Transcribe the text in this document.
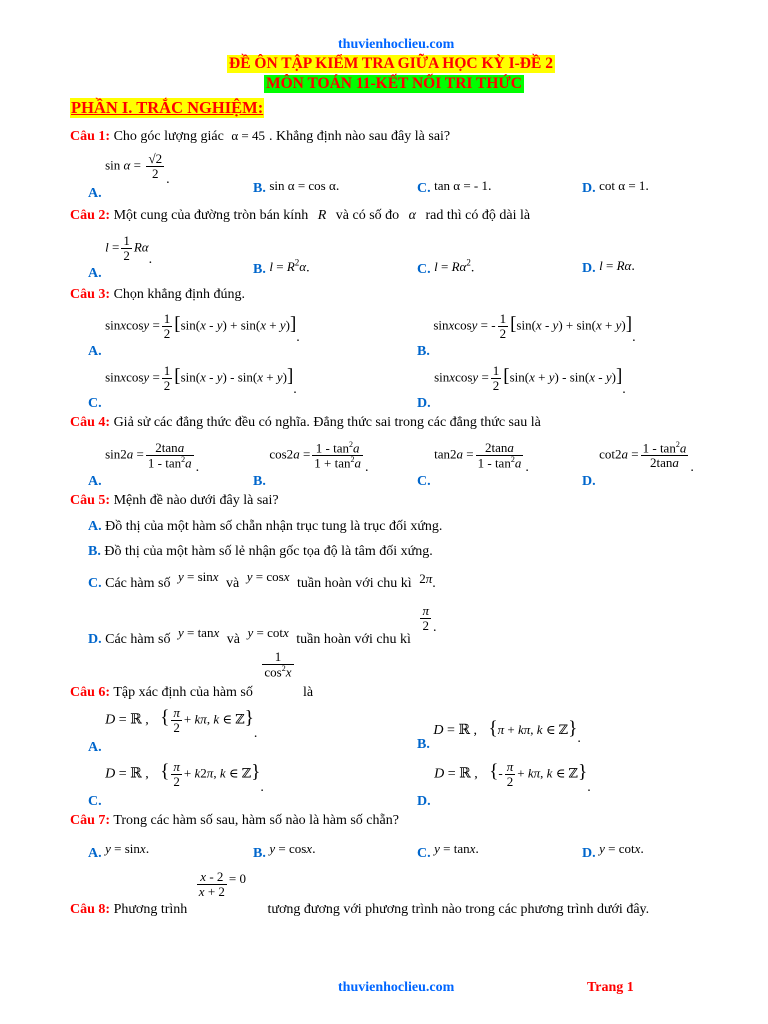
thuvienhoclieu.com
ĐỀ ÔN TẬP KIỂM TRA GIỮA HỌC KỲ I-ĐỀ 2
MÔN TOÁN 11-KẾT NỐI TRI THỨC
PHẦN I. TRẮC NGHIỆM:
Câu 1: Cho góc lượng giác α = 45 . Khẳng định nào sau đây là sai?
A. $\sin \alpha = \frac{√2}{2}$ .
B. sin α = cos α.	C. tan α = - 1.	D. cot α = 1.
Câu 2: Một cung của đường tròn bán kính R và có số đo α rad thì có độ dài là
A. $l = \frac{1}{2} R\alpha$.
B. $l = R^2\alpha$.	C. $l = R\alpha^2$.	D. l = Rα.
Câu 3: Chọn khẳng định đúng.
A. sinxcosy = $\frac{1}{2} [\sin(x - y) + \sin(x + y)]$.
B. sinxcosy = - $\frac{1}{2} [\sin(x - y) + \sin(x + y)]$.
C. sinxcosy = $\frac{1}{2} [\sin(x - y) - \sin(x + y)]$.
D. sinxcosy = $\frac{1}{2} [\sin(x + y) - \sin(x - y)]$.
Câu 4: Giả sử các đẳng thức đều có nghĩa. Đẳng thức sai trong các đẳng thức sau là
A. $\sin 2a = \frac{2\tan a}{1 - \tan^2a}$ .
B. $\cos 2a = \frac{1 - \tan^2a}{1 + \tan^2a}$ .
C. $\tan 2a = \frac{2\tan a}{1 - \tan^2a}$ .
D. $\cot 2a = \frac{1 - \tan^2a}{2\tan a}$ .
Câu 5: Mệnh đề nào dưới đây là sai?
A. Đồ thị của một hàm số chẵn nhận trục tung là trục đối xứng.
B. Đồ thị của một hàm số lẻ nhận gốc tọa độ là tâm đối xứng.
C. Các hàm số y = sinx và y = cosx tuần hoàn với chu kì 2π.
D. Các hàm số y = tanx và y = cotx tuần hoàn với chu kì
$\frac{\pi}{2}$ .
Câu 6: Tập xác định của hàm số
$\frac{1}{\cos^2x}$
là
A. D = ℝ , { $\frac{\pi}{2} + k\pi$, k ∈ ℤ}.
B. D = ℝ , {π + kπ, k ∈ ℤ}.
C. D = ℝ , { $\frac{\pi}{2} + k2\pi$, k ∈ ℤ}.
D. D = ℝ , {- $\frac{\pi}{2} + k\pi$, k ∈ ℤ}.
Câu 7: Trong các hàm số sau, hàm số nào là hàm số chẵn?
A. y = sinx.	B. y = cosx.	C. y = tanx.	D. y = cotx.
Câu 8: Phương trình
$\frac{x - 2}{x + 2} = 0$ tương đương với phương trình nào trong các phương trình dưới đây.
thuvienhoclieu.com	Trang 1
